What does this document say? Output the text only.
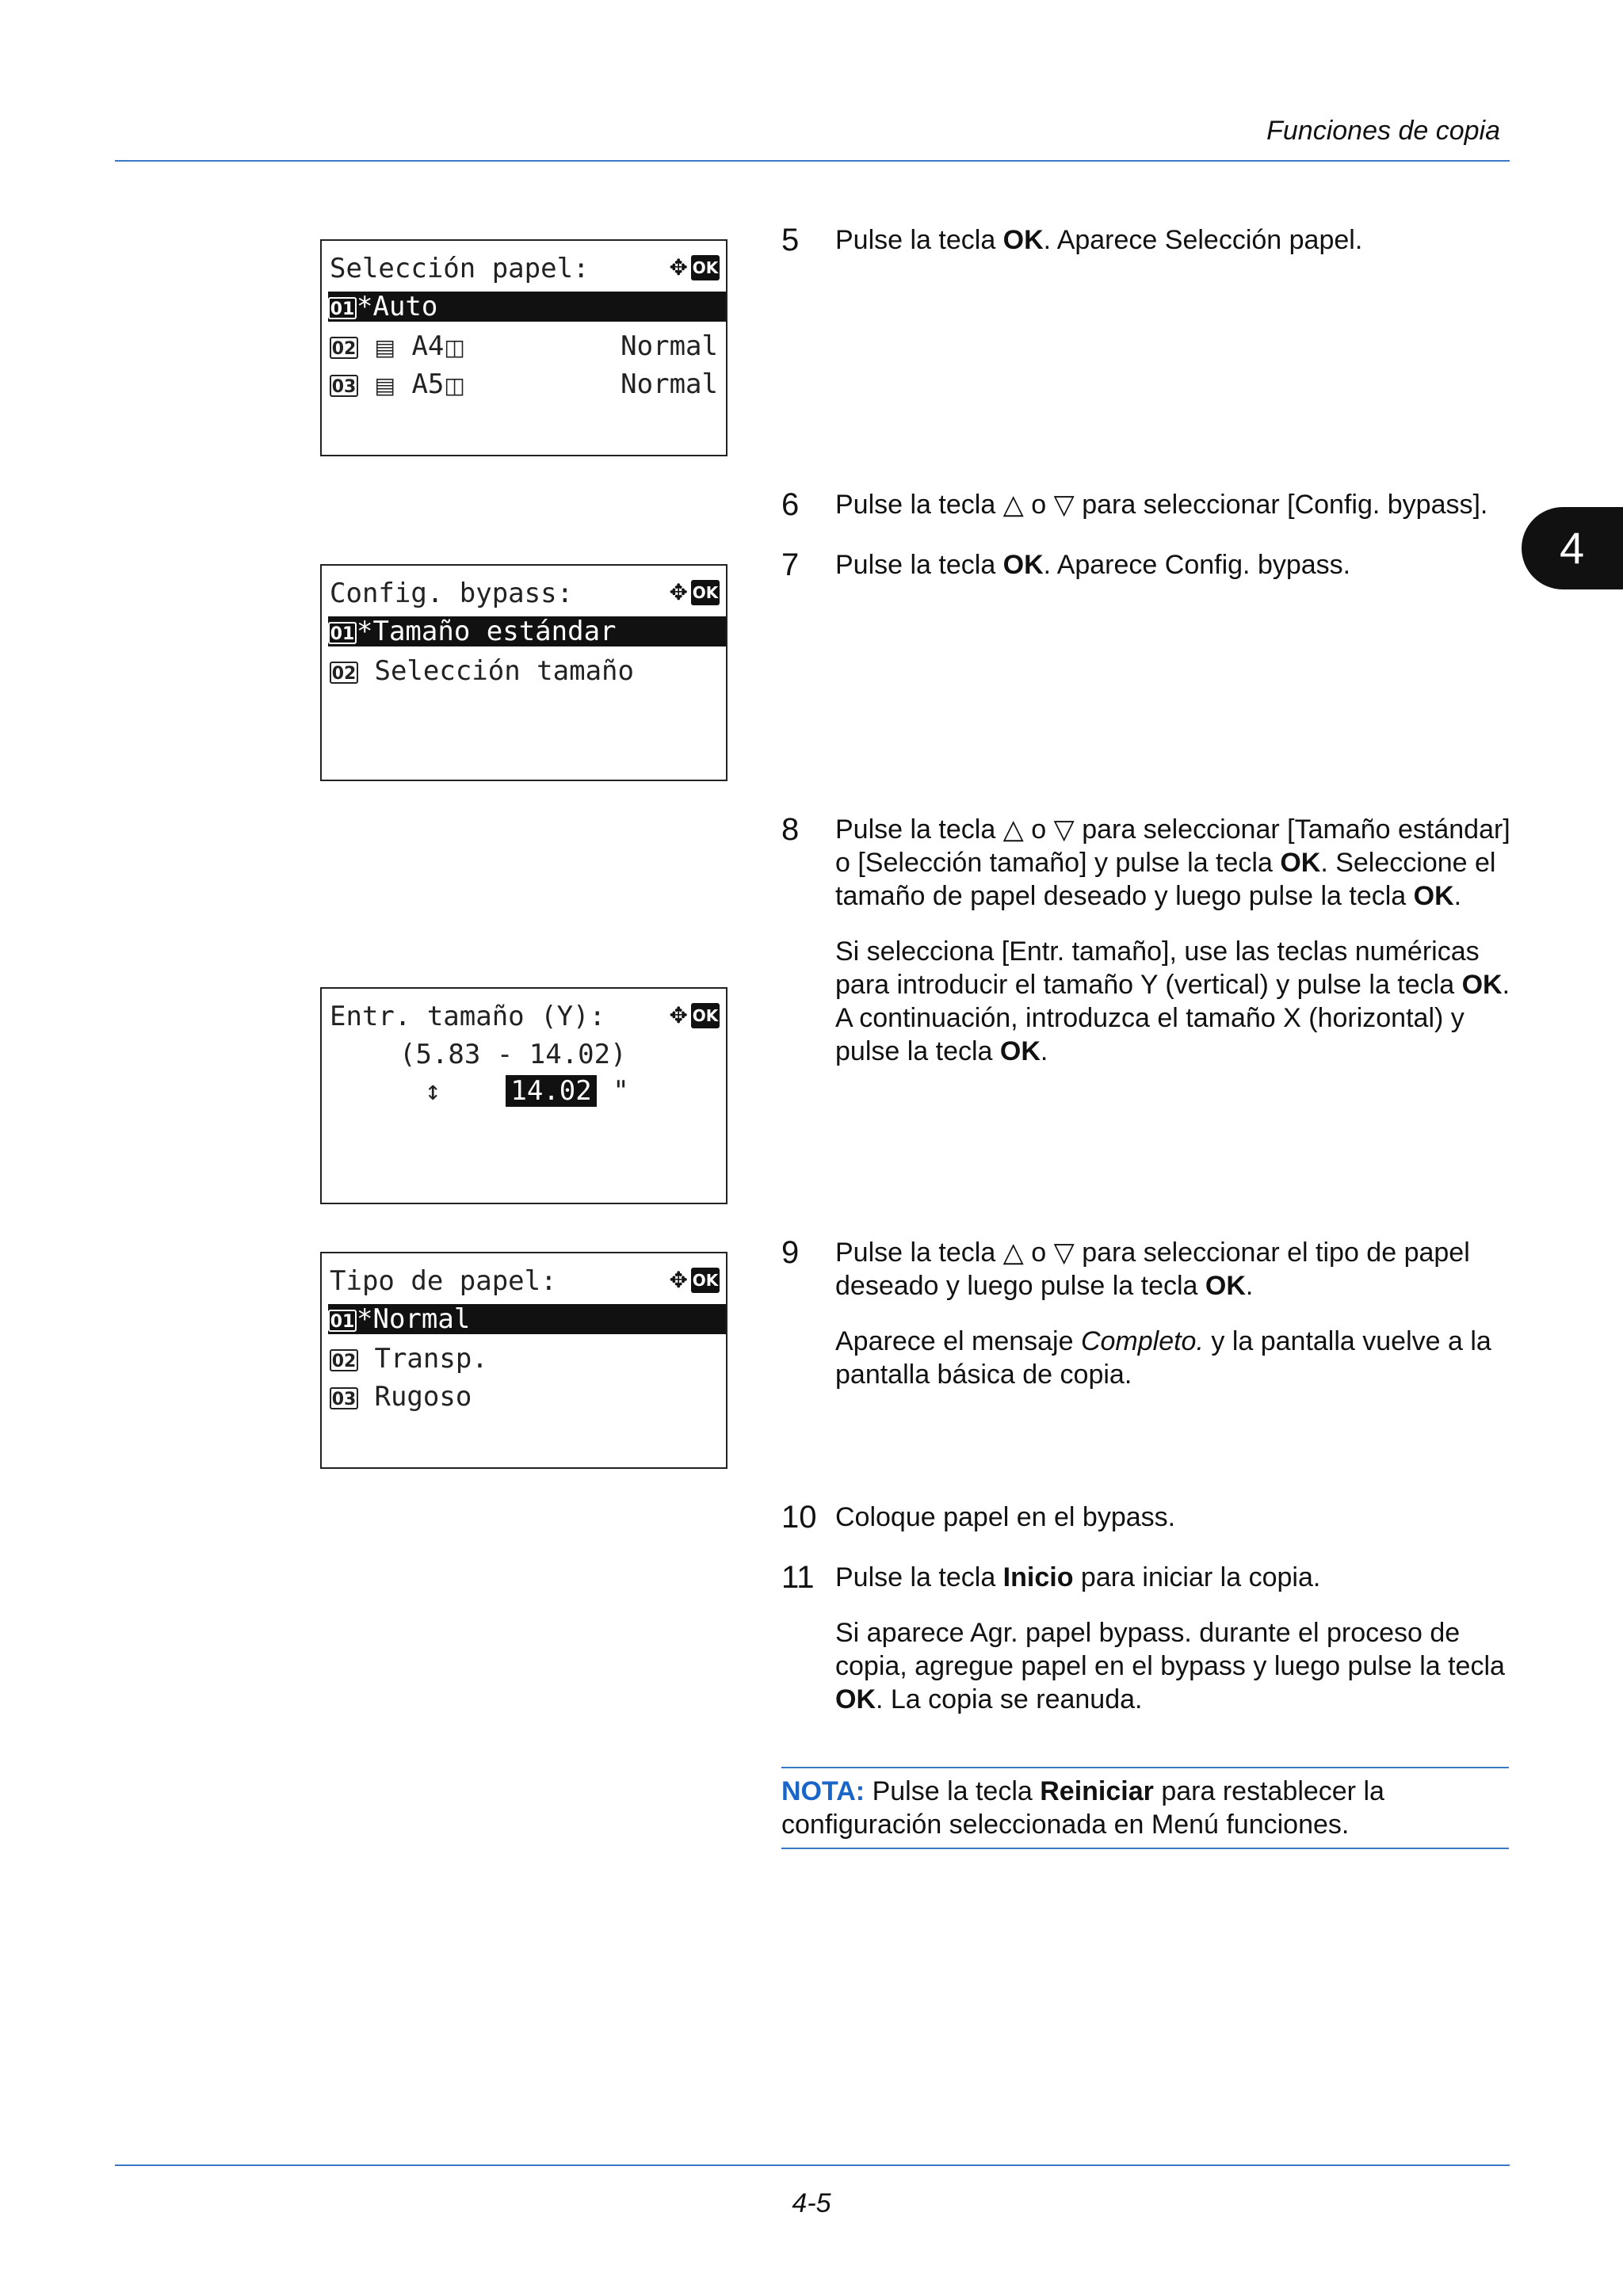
Funciones de copia
4
Selección papel:	✥ OK
01*Auto
02 ▤ A4◫	Normal
03 ▤ A5◫	Normal
Config. bypass:	✥ OK
01*Tamaño estándar
02 Selección tamaño
Entr. tamaño (Y):	✥ OK
(5.83 - 14.02)
↕	14.02 "
Tipo de papel:	✥ OK
01*Normal
02 Transp.
03 Rugoso
5 Pulse la tecla OK. Aparece Selección papel.
6 Pulse la tecla △ o ▽ para seleccionar [Config. bypass].
7 Pulse la tecla OK. Aparece Config. bypass.
8 Pulse la tecla △ o ▽ para seleccionar [Tamaño estándar] o [Selección tamaño] y pulse la tecla OK. Seleccione el tamaño de papel deseado y luego pulse la tecla OK.

Si selecciona [Entr. tamaño], use las teclas numéricas para introducir el tamaño Y (vertical) y pulse la tecla OK. A continuación, introduzca el tamaño X (horizontal) y pulse la tecla OK.

9 Pulse la tecla △ o ▽ para seleccionar el tipo de papel deseado y luego pulse la tecla OK.

Aparece el mensaje Completo. y la pantalla vuelve a la pantalla básica de copia.

10 Coloque papel en el bypass.
11 Pulse la tecla Inicio para iniciar la copia.

Si aparece Agr. papel bypass. durante el proceso de copia, agregue papel en el bypass y luego pulse la tecla OK. La copia se reanuda.

NOTA: Pulse la tecla Reiniciar para restablecer la configuración seleccionada en Menú funciones.
4-5
